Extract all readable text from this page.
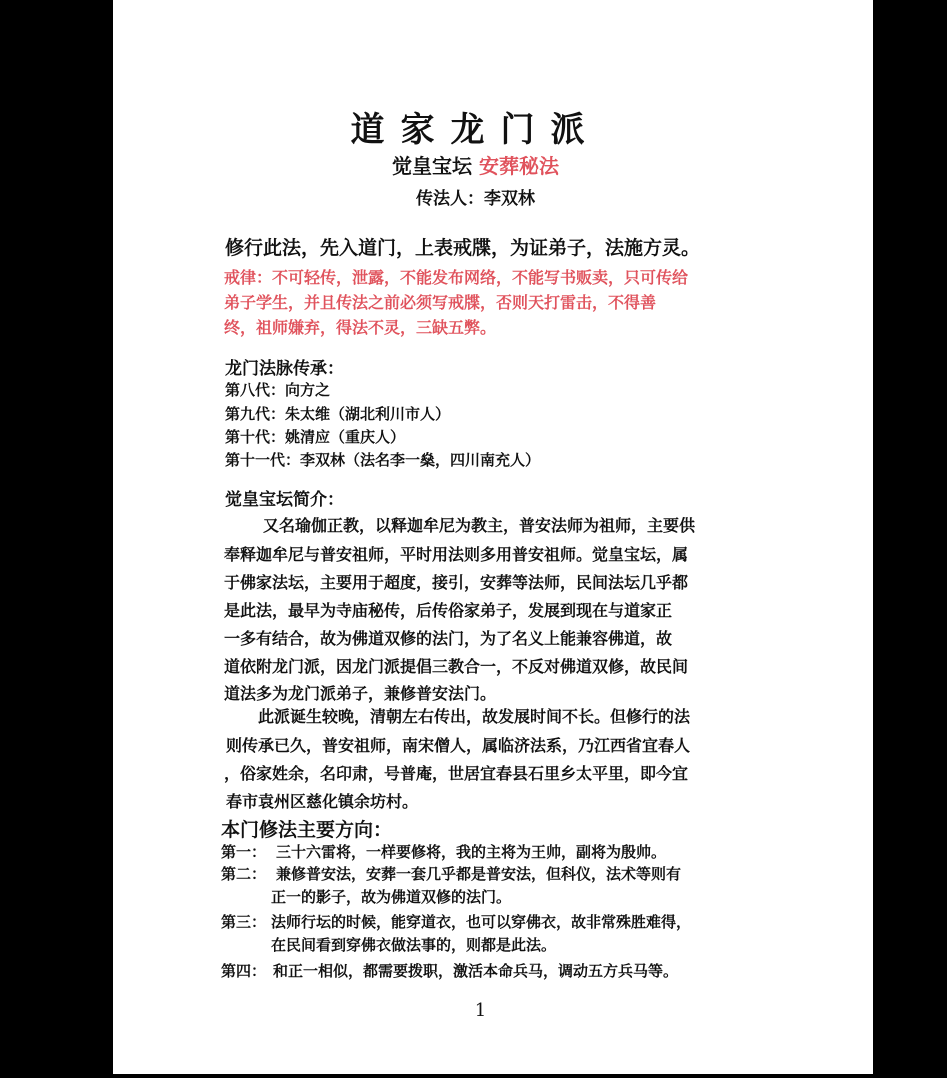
道家龙门派
觉皇宝坛 安葬秘法
传法人：李双林
修行此法，先入道门，上表戒牒，为证弟子，法施方灵。
戒律：不可轻传，泄露，不能发布网络，不能写书贩卖，只可传给
弟子学生，并且传法之前必须写戒牒，否则天打雷击，不得善
终，祖师嫌弃，得法不灵，三缺五弊。
龙门法脉传承：
第八代：向方之
第九代：朱太维（湖北利川市人）
第十代：姚清应（重庆人）
第十一代：李双林（法名李一燊，四川南充人）
觉皇宝坛简介：
又名瑜伽正教，以释迦牟尼为教主，普安法师为祖师，主要供
奉释迦牟尼与普安祖师，平时用法则多用普安祖师。觉皇宝坛，属
于佛家法坛，主要用于超度，接引，安葬等法师，民间法坛几乎都
是此法，最早为寺庙秘传，后传俗家弟子，发展到现在与道家正
一多有结合，故为佛道双修的法门，为了名义上能兼容佛道，故
道依附龙门派，因龙门派提倡三教合一，不反对佛道双修，故民间
道法多为龙门派弟子，兼修普安法门。
此派诞生较晚，清朝左右传出，故发展时间不长。但修行的法
则传承已久，普安祖师，南宋僧人，属临济法系，乃江西省宜春人
，俗家姓余，名印肃，号普庵，世居宜春县石里乡太平里，即今宜
春市袁州区慈化镇余坊村。
本门修法主要方向：
第一： 三十六雷将，一样要修将，我的主将为王帅，副将为殷帅。
第二： 兼修普安法，安葬一套几乎都是普安法，但科仪，法术等则有
正一的影子，故为佛道双修的法门。
第三： 法师行坛的时候，能穿道衣，也可以穿佛衣，故非常殊胜难得，
在民间看到穿佛衣做法事的，则都是此法。
第四： 和正一相似，都需要拨职，激活本命兵马，调动五方兵马等。
1
